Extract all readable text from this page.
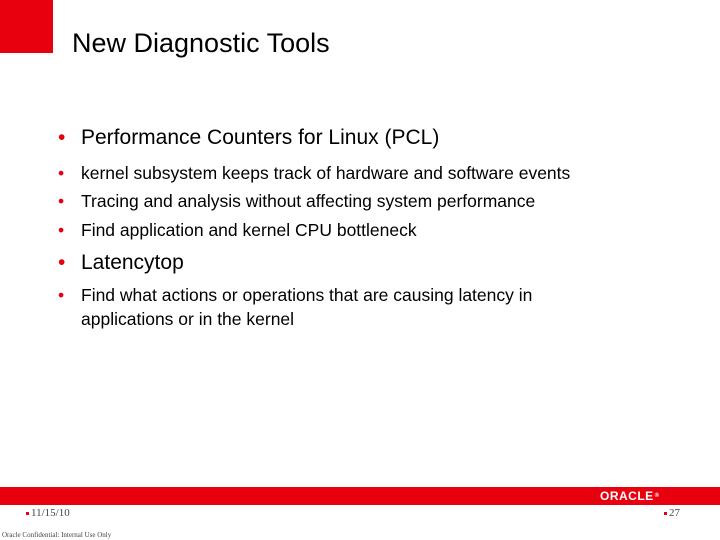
New Diagnostic Tools
• Performance Counters for Linux (PCL)
• kernel subsystem keeps track of hardware and software events
• Tracing and analysis without affecting system performance
• Find application and kernel CPU bottleneck
• Latencytop
• Find what actions or operations that are causing latency in applications or in the kernel
ORACLE®
11/15/10	27
Oracle Confidential: Internal Use Only
